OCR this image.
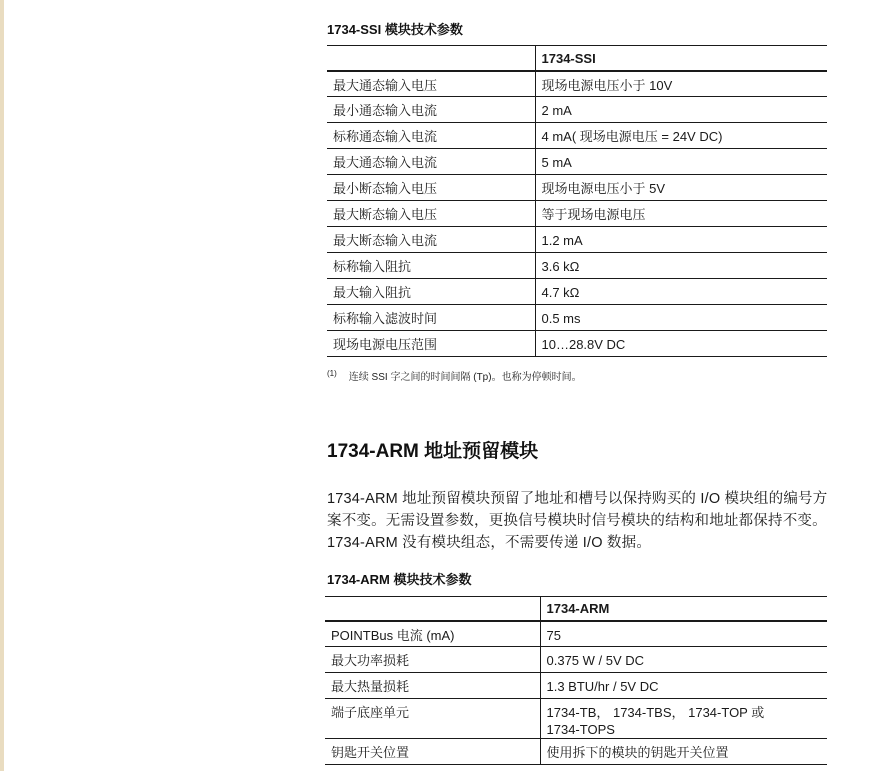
1734-SSI 模块技术参数

	1734-SSI

最大通态输入电压	现场电源电压小于 10V

最小通态输入电流	2 mA

标称通态输入电流	4 mA( 现场电源电压 = 24V DC)

最大通态输入电流	5 mA

最小断态输入电压	现场电源电压小于 5V

最大断态输入电压	等于现场电源电压

最大断态输入电流	1.2 mA

标称输入阻抗	3.6 kΩ

最大输入阻抗	4.7 kΩ

标称输入滤波时间	0.5 ms

现场电源电压范围	10…28.8V DC
$^{(1)}$ 连续 SSI 字之间的时间间隔 (Tp)。也称为停顿时间。
1734-ARM 地址预留模块
1734-ARM 地址预留模块预留了地址和槽号以保持购买的 I/O 模块组的编号方案不变。无需设置参数，更换信号模块时信号模块的结构和地址都保持不变。 1734-ARM 没有模块组态，不需要传递 I/O 数据。
1734-ARM 模块技术参数

	1734-ARM

POINTBus 电流 (mA)	75

最大功率损耗	0.375 W / 5V DC

最大热量损耗	1.3 BTU/hr / 5V DC

端子底座单元	1734-TB， 1734-TBS， 1734-TOP 或
1734-TOPS

钥匙开关位置	使用拆下的模块的钥匙开关位置
